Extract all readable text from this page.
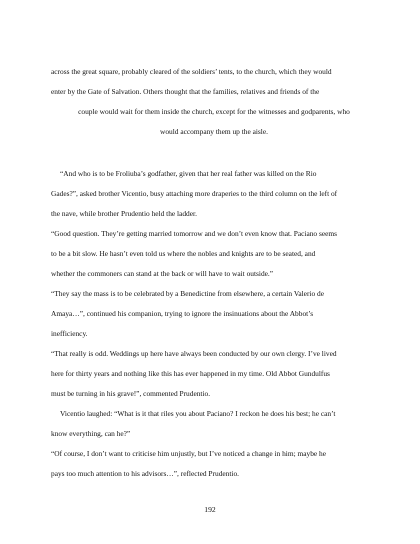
across the great square, probably cleared of the soldiers’ tents, to the church, which they would
enter by the Gate of Salvation. Others thought that the families, relatives and friends of the
couple would wait for them inside the church, except for the witnesses and godparents, who
would accompany them up the aisle.
“And who is to be Froliuba’s godfather, given that her real father was killed on the Rio
Gades?”, asked brother Vicentio, busy attaching more draperies to the third column on the left of
the nave, while brother Prudentio held the ladder.
“Good question. They’re getting married tomorrow and we don’t even know that. Paciano seems
to be a bit slow. He hasn’t even told us where the nobles and knights are to be seated, and
whether the commoners can stand at the back or will have to wait outside.”
“They say the mass is to be celebrated by a Benedictine from elsewhere, a certain Valerio de
Amaya…”, continued his companion, trying to ignore the insinuations about the Abbot’s
inefficiency.
“That really is odd. Weddings up here have always been conducted by our own clergy. I’ve lived
here for thirty years and nothing like this has ever happened in my time. Old Abbot Gundulfus
must be turning in his grave!”, commented Prudentio.
Vicentio laughed: “What is it that riles you about Paciano? I reckon he does his best; he can’t
know everything, can he?”
“Of course, I don’t want to criticise him unjustly, but I’ve noticed a change in him; maybe he
pays too much attention to his advisors…”, reflected Prudentio.
192
